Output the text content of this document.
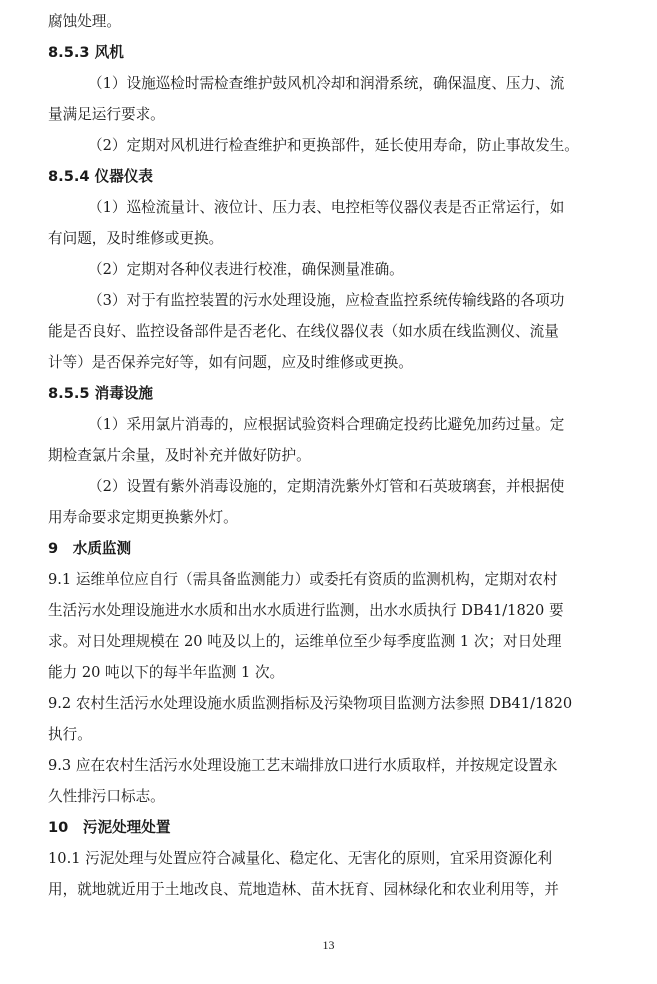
腐蚀处理。
8.5.3 风机
（1）设施巡检时需检查维护鼓风机冷却和润滑系统，确保温度、压力、流
量满足运行要求。
（2）定期对风机进行检查维护和更换部件，延长使用寿命，防止事故发生。
8.5.4 仪器仪表
（1）巡检流量计、液位计、压力表、电控柜等仪器仪表是否正常运行，如
有问题，及时维修或更换。
（2）定期对各种仪表进行校准，确保测量准确。
（3）对于有监控装置的污水处理设施，应检查监控系统传输线路的各项功
能是否良好、监控设备部件是否老化、在线仪器仪表（如水质在线监测仪、流量
计等）是否保养完好等，如有问题，应及时维修或更换。
8.5.5 消毒设施
（1）采用氯片消毒的，应根据试验资料合理确定投药比避免加药过量。定
期检查氯片余量，及时补充并做好防护。
（2）设置有紫外消毒设施的，定期清洗紫外灯管和石英玻璃套，并根据使
用寿命要求定期更换紫外灯。
9　水质监测
9.1 运维单位应自行（需具备监测能力）或委托有资质的监测机构，定期对农村
生活污水处理设施进水水质和出水水质进行监测，出水水质执行 DB41/1820 要
求。对日处理规模在 20 吨及以上的，运维单位至少每季度监测 1 次；对日处理
能力 20 吨以下的每半年监测 1 次。
9.2 农村生活污水处理设施水质监测指标及污染物项目监测方法参照 DB41/1820
执行。
9.3 应在农村生活污水处理设施工艺末端排放口进行水质取样，并按规定设置永
久性排污口标志。
10　污泥处理处置
10.1 污泥处理与处置应符合减量化、稳定化、无害化的原则，宜采用资源化利
用，就地就近用于土地改良、荒地造林、苗木抚育、园林绿化和农业利用等，并
13
